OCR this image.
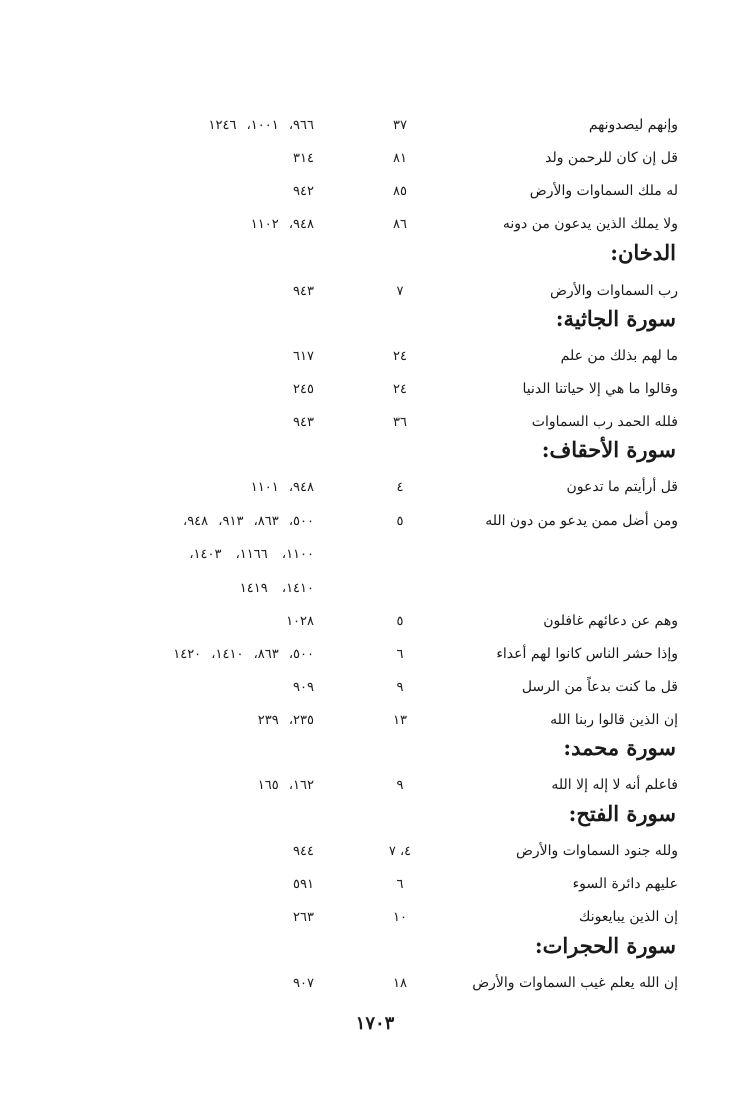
وإنهم ليصدونهم
٣٧
٩٦٦، ١٠٠١، ١٢٤٦
قل إن كان للرحمن ولد
٨١
٣١٤
له ملك السماوات والأرض
٨٥
٩٤٢
ولا يملك الذين يدعون من دونه
٨٦
٩٤٨، ١١٠٢
الدخان:
رب السماوات والأرض
٧
٩٤٣
سورة الجاثية:
ما لهم بذلك من علم
٢٤
٦١٧
وقالوا ما هي إلا حياتنا الدنيا
٢٤
٢٤٥
فلله الحمد رب السماوات
٣٦
٩٤٣
سورة الأحقاف:
قل أرأيتم ما تدعون
٤
٩٤٨، ١١٠١
ومن أضل ممن يدعو من دون الله
٥
٥٠٠، ٨٦٣، ٩١٣، ٩٤٨،
١١٠٠، ١١٦٦، ١٤٠٣،
١٤١٠، ١٤١٩
وهم عن دعائهم غافلون
٥
١٠٢٨
وإذا حشر الناس كانوا لهم أعداء
٦
٥٠٠، ٨٦٣، ١٤١٠، ١٤٢٠
قل ما كنت بدعاً من الرسل
٩
٩٠٩
إن الذين قالوا ربنا الله
١٣
٢٣٥، ٢٣٩
سورة محمد:
فاعلم أنه لا إله إلا الله
٩
١٦٢، ١٦٥
سورة الفتح:
ولله جنود السماوات والأرض
٤، ٧
٩٤٤
عليهم دائرة السوء
٦
٥٩١
إن الذين يبايعونك
١٠
٢٦٣
سورة الحجرات:
إن الله يعلم غيب السماوات والأرض
١٨
٩٠٧
١٧٠٣
